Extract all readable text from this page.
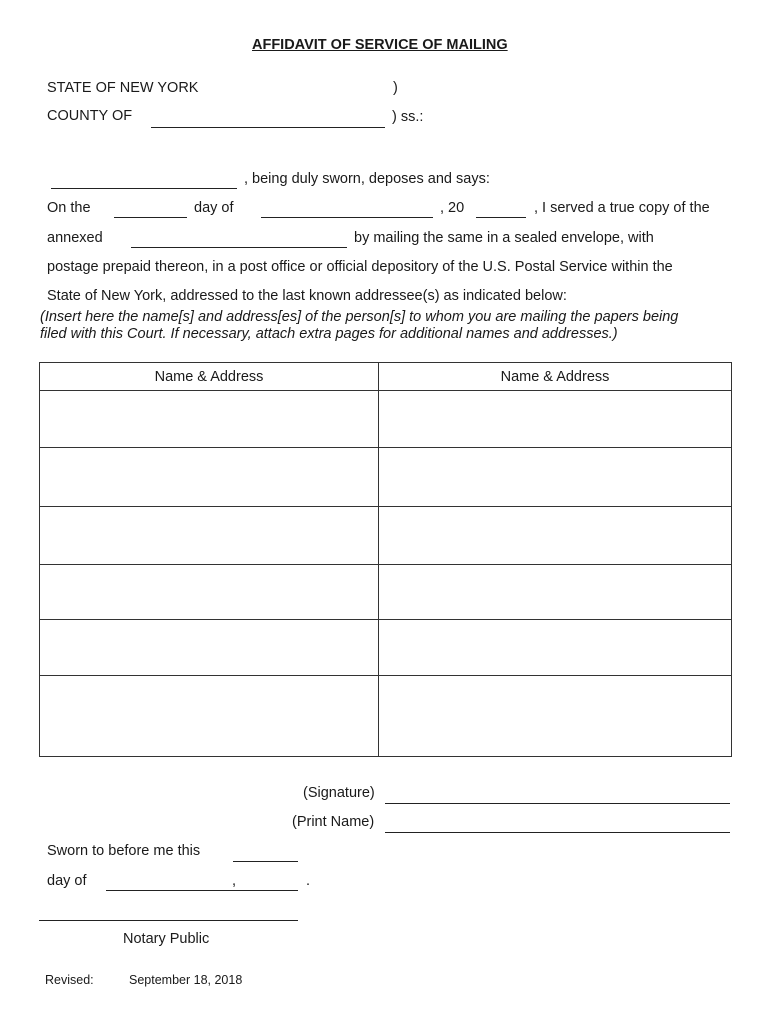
AFFIDAVIT OF SERVICE OF MAILING
STATE OF NEW YORK	)
COUNTY OF	) ss.:
, being duly sworn, deposes and says:
On the	day of	, 20	, I served a true copy of the
annexed	by mailing the same in a sealed envelope, with
postage prepaid thereon, in a post office or official depository of the U.S. Postal Service within the
State of New York, addressed to the last known addressee(s) as indicated below:
(Insert here the name[s] and address[es] of the person[s] to whom you are mailing the papers being
filed with this Court. If necessary, attach extra pages for additional names and addresses.)
Name & Address	Name & Address

(Signature)
(Print Name)
Sworn to before me this
day of	,	.
Notary Public
Revised:	September 18, 2018
